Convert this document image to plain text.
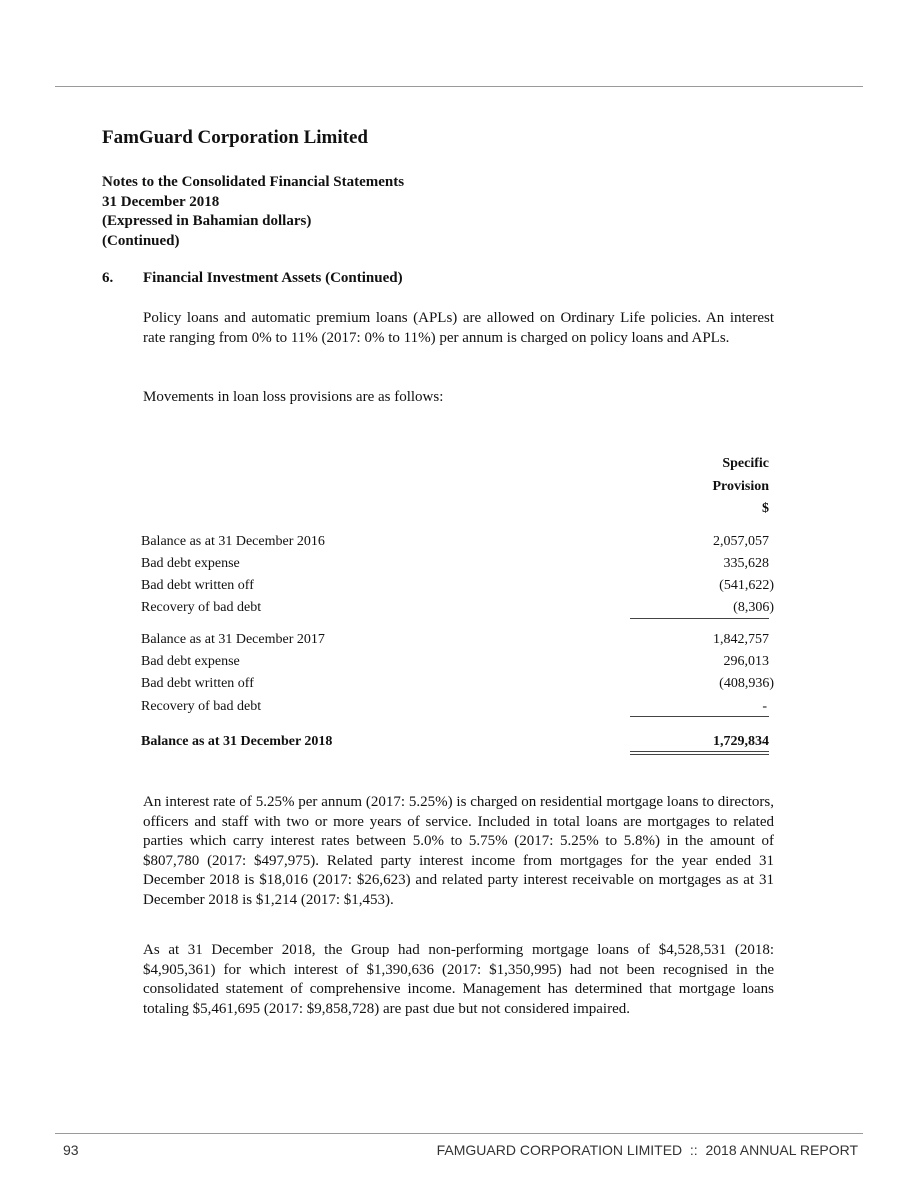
FamGuard Corporation Limited
Notes to the Consolidated Financial Statements
31 December 2018
(Expressed in Bahamian dollars)
(Continued)
6. Financial Investment Assets (Continued)
Policy loans and automatic premium loans (APLs) are allowed on Ordinary Life policies. An interest rate ranging from 0% to 11% (2017: 0% to 11%) per annum is charged on policy loans and APLs.
Movements in loan loss provisions are as follows:
Specific
Provision
$
Balance as at 31 December 2016	2,057,057
Bad debt expense	335,628
Bad debt written off	(541,622)
Recovery of bad debt	(8,306)
Balance as at 31 December 2017	1,842,757
Bad debt expense	296,013
Bad debt written off	(408,936)
Recovery of bad debt	-
Balance as at 31 December 2018	1,729,834
An interest rate of 5.25% per annum (2017: 5.25%) is charged on residential mortgage loans to directors, officers and staff with two or more years of service. Included in total loans are mortgages to related parties which carry interest rates between 5.0% to 5.75% (2017: 5.25% to 5.8%) in the amount of $807,780 (2017: $497,975). Related party interest income from mortgages for the year ended 31 December 2018 is $18,016 (2017: $26,623) and related party interest receivable on mortgages as at 31 December 2018 is $1,214 (2017: $1,453).
As at 31 December 2018, the Group had non-performing mortgage loans of $4,528,531 (2018: $4,905,361) for which interest of $1,390,636 (2017: $1,350,995) had not been recognised in the consolidated statement of comprehensive income. Management has determined that mortgage loans totaling $5,461,695 (2017: $9,858,728) are past due but not considered impaired.
93	FAMGUARD CORPORATION LIMITED  ::  2018 ANNUAL REPORT
